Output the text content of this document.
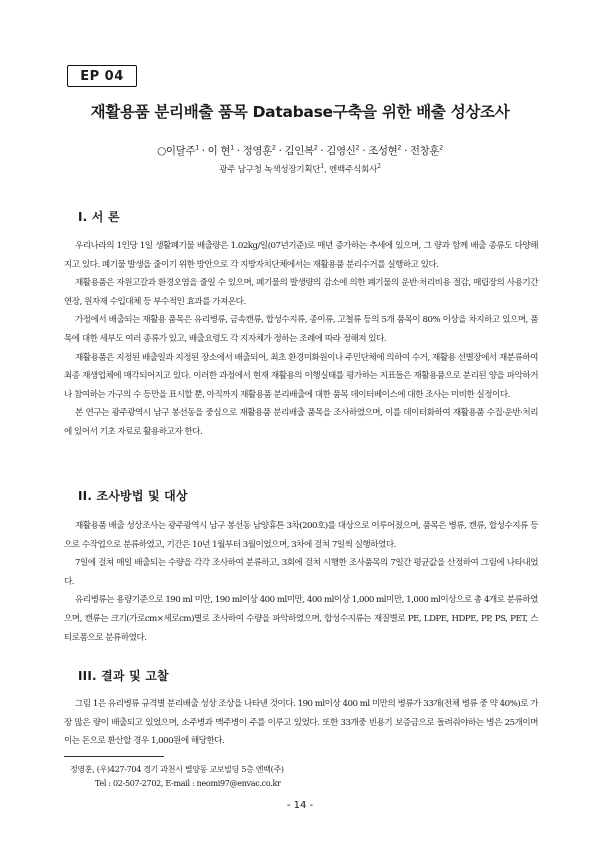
EP 04
재활용품 분리배출 품목 Database구축을 위한 배출 성상조사
○이달주$^1$ · 이 현$^1$ · 정영훈$^2$ · 김인복$^2$ · 김영신$^2$ · 조성현$^2$ · 전창훈$^2$
광주 남구청 녹색성장기획단$^1$, 엔백주식회사$^2$
I. 서 론

우리나라의 1인당 1일 생활폐기물 배출량은 1.02kg/일(07년기준)로 매년 증가하는 추세에 있으며, 그 량과 함께 배출 종류도 다양해지고 있다. 폐기물 발생을 줄이기 위한 방안으로 각 지방자치단체에서는 재활용품 분리수거를 실행하고 있다.

재활용품은 자원고갈과 환경오염을 줄일 수 있으며, 폐기물의 발생량의 감소에 의한 폐기물의 운반·처리비용 절감, 매립장의 사용기간 연장, 원자재 수입대체 등 부수적인 효과를 가져온다.

가정에서 배출되는 재활용 품목은 유리병류, 금속캔류, 합성수지류, 종이류, 고철류 등의 5개 품목이 80% 이상을 차지하고 있으며, 품목에 대한 세부도 여러 종류가 있고, 배출요령도 각 지자체가 정하는 조례에 따라 정해져 있다.

재활용품은 지정된 배출일과 지정된 장소에서 배출되어, 최초 환경미화원이나 주민단체에 의하여 수거, 재활용 선별장에서 재분류하여 최종 재생업체에 매각되어지고 있다. 이러한 과정에서 현재 재활용의 이행실태를 평가하는 지표들은 재활용품으로 분리된 양을 파악하거나 참여하는 가구의 수 등만을 표시할 뿐, 아직까지 재활용품 분리배출에 대한 품목 데이터베이스에 대한 조사는 미비한 실정이다.

본 연구는 광주광역시 남구 봉선동을 중심으로 재활용품 분리배출 품목을 조사하였으며, 이를 데이터화하여 재활용품 수집·운반·처리에 있어서 기초 자료로 활용하고자 한다.

II. 조사방법 및 대상

재활용품 배출 성상조사는 광주광역시 남구 봉선동 남양휴튼 3차(200호)를 대상으로 이루어졌으며, 품목은 병류, 캔류, 합성수지류 등으로 수작업으로 분류하였고, 기간은 10년 1월부터 3월이었으며, 3차에 걸쳐 7일씩 실행하였다.

7일에 걸쳐 매일 배출되는 수량을 각각 조사하여 분류하고, 3회에 걸쳐 시행한 조사품목의 7일간 평균값을 산정하여 그림에 나타내었다.

유리병류는 용량기준으로 190 ml 미만, 190 ml이상 400 ml미만, 400 ml이상 1,000 ml미만, 1,000 ml이상으로 총 4개로 분류하였으며, 캔류는 크기(가로cm×세로cm)별로 조사하여 수량을 파악하였으며, 합성수지류는 재질별로 PE, LDPE, HDPE, PP, PS, PET, 스티로폼으로 분류하였다.

III. 결과 및 고찰

그림 1은 유리병류 규격별 분리배출 성상 조상을 나타낸 것이다. 190 ml이상 400 ml 미만의 병류가 33개(전체 병류 중 약 40%)로 가장 많은 량이 배출되고 있었으며, 소주병과 맥주병이 주를 이루고 있었다. 또한 33개중 빈용기 보증금으로 돌려줘야하는 병은 25개이며 이는 돈으로 환산할 경우 1,000원에 해당한다.

정영훈, (우)427-704 경기 과천시 별양동 교보빌딩 5층 엔백(주)
Tel : 02-507-2702, E-mail : neomi97@envac.co.kr
- 14 -
